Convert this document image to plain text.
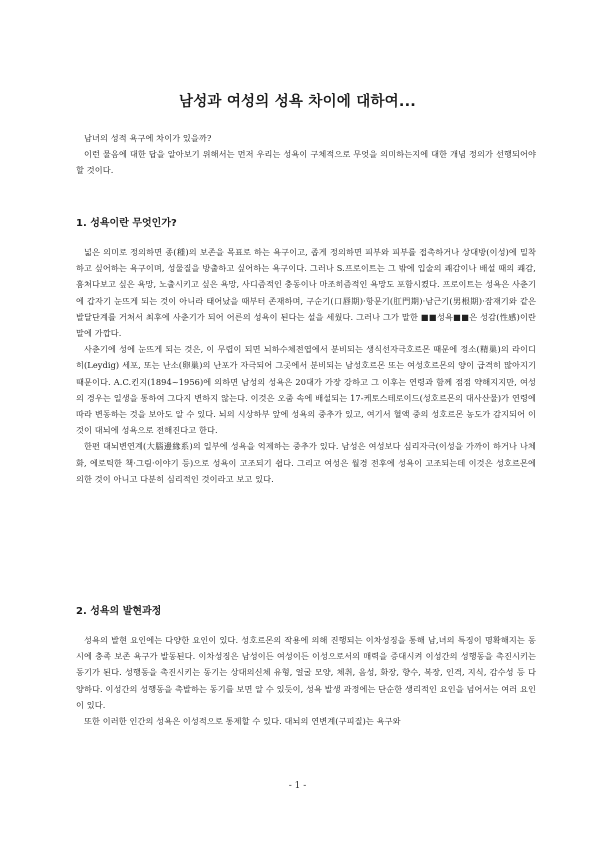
남성과 여성의 성욕 차이에 대하여...

남녀의 성적 욕구에 차이가 있을까?

이런 물음에 대한 답을 알아보기 위해서는 먼저 우리는 성욕이 구체적으로 무엇을 의미하는지에 대한 개념 정의가 선행되어야 할 것이다.

1. 성욕이란 무엇인가?

넓은 의미로 정의하면 종(種)의 보존을 목표로 하는 욕구이고, 좁게 정의하면 피부와 피부를 접촉하거나 상대방(이성)에 밀착하고 싶어하는 욕구이며, 성물질을 방출하고 싶어하는 욕구이다. 그러나 S.프로이트는 그 밖에 입술의 쾌감이나 배설 때의 쾌감, 훔쳐다보고 싶은 욕망, 노출시키고 싶은 욕망, 사디즘적인 충동이나 마조히즘적인 욕망도 포함시켰다. 프로이트는 성욕은 사춘기에 갑자기 눈뜨게 되는 것이 아니라 태어났을 때부터 존재하며, 구순기(口唇期)·항문기(肛門期)·남근기(男根期)·잠재기와 같은 발달단계를 거쳐서 최후에 사춘기가 되어 어른의 성욕이 된다는 설을 세웠다. 그러나 그가 말한 ■■성욕■■은 성감(性感)이란 말에 가깝다.

사춘기에 성에 눈뜨게 되는 것은, 이 무렵이 되면 뇌하수체전엽에서 분비되는 생식선자극호르몬 때문에 정소(精巢)의 라이디히(Leydig) 세포, 또는 난소(卵巢)의 난포가 자극되어 그곳에서 분비되는 남성호르몬 또는 여성호르몬의 양이 급격히 많아지기 때문이다. A.C.킨지(1894~1956)에 의하면 남성의 성욕은 20대가 가장 강하고 그 이후는 연령과 함께 점점 약해지지만, 여성의 경우는 일생을 통하여 그다지 변하지 않는다. 이것은 오줌 속에 배설되는 17-케토스테로이드(성호르몬의 대사산물)가 연령에 따라 변동하는 것을 보아도 알 수 있다. 뇌의 시상하부 앞에 성욕의 중추가 있고, 여기서 혈액 중의 성호르몬 농도가 감지되어 이것이 대뇌에 성욕으로 전해진다고 한다.

한편 대뇌변연계(大腦邊緣系)의 일부에 성욕을 억제하는 중추가 있다. 남성은 여성보다 심리자극(이성을 가까이 하거나 나체화, 에로틱한 책·그림·이야기 등)으로 성욕이 고조되기 쉽다. 그리고 여성은 월경 전후에 성욕이 고조되는데 이것은 성호르몬에 의한 것이 아니고 다분히 심리적인 것이라고 보고 있다.

2. 성욕의 발현과정

성욕의 발현 요인에는 다양한 요인이 있다. 성호르몬의 작용에 의해 진행되는 이차성징을 통해 남,녀의 특징이 명확해지는 동시에 충족 보존 욕구가 발동된다. 이차성징은 남성이든 여성이든 이성으로서의 매력을 증대시켜 이성간의 성행동을 촉진시키는 동기가 된다. 성행동을 촉진시키는 동기는 상대의신체 유형, 얼굴 모양, 체취, 음성, 화장, 향수, 복장, 인격, 지식, 감수성 등 다양하다. 이성간의 성행동을 촉발하는 동기를 보면 알 수 있듯이, 성욕 발생 과정에는 단순한 생리적인 요인을 넘어서는 여러 요인이 있다.

또한 이러한 인간의 성욕은 이성적으로 통제할 수 있다. 대뇌의 연변계(구피질)는 욕구와

- 1 -
